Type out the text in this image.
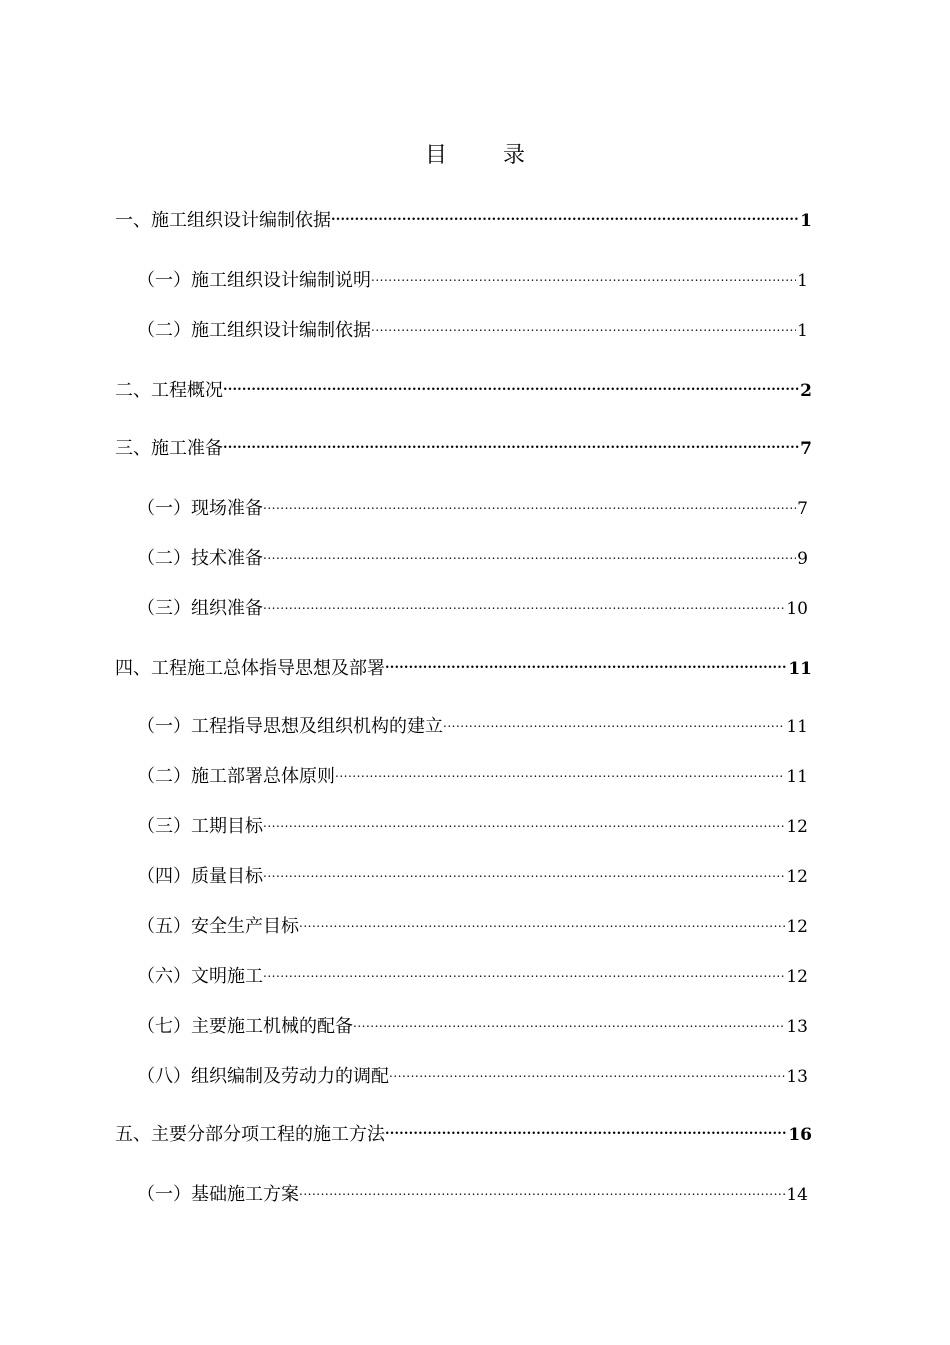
目	录
一、施工组织设计编制依据 .....	1
（一）施工组织设计编制说明 .....	1
（二）施工组织设计编制依据 .....	1
二、工程概况 .....	2
三、施工准备 .....	7
（一）现场准备 .....	7
（二）技术准备 .....	9
（三）组织准备 .....	10
四、工程施工总体指导思想及部署 .....	11
（一）工程指导思想及组织机构的建立 .....	11
（二）施工部署总体原则 .....	11
（三）工期目标 .....	12
（四）质量目标 .....	12
（五）安全生产目标 .....	12
（六）文明施工 .....	12
（七）主要施工机械的配备 .....	13
（八）组织编制及劳动力的调配 .....	13
五、主要分部分项工程的施工方法 .....	16
（一）基础施工方案 .....	14
